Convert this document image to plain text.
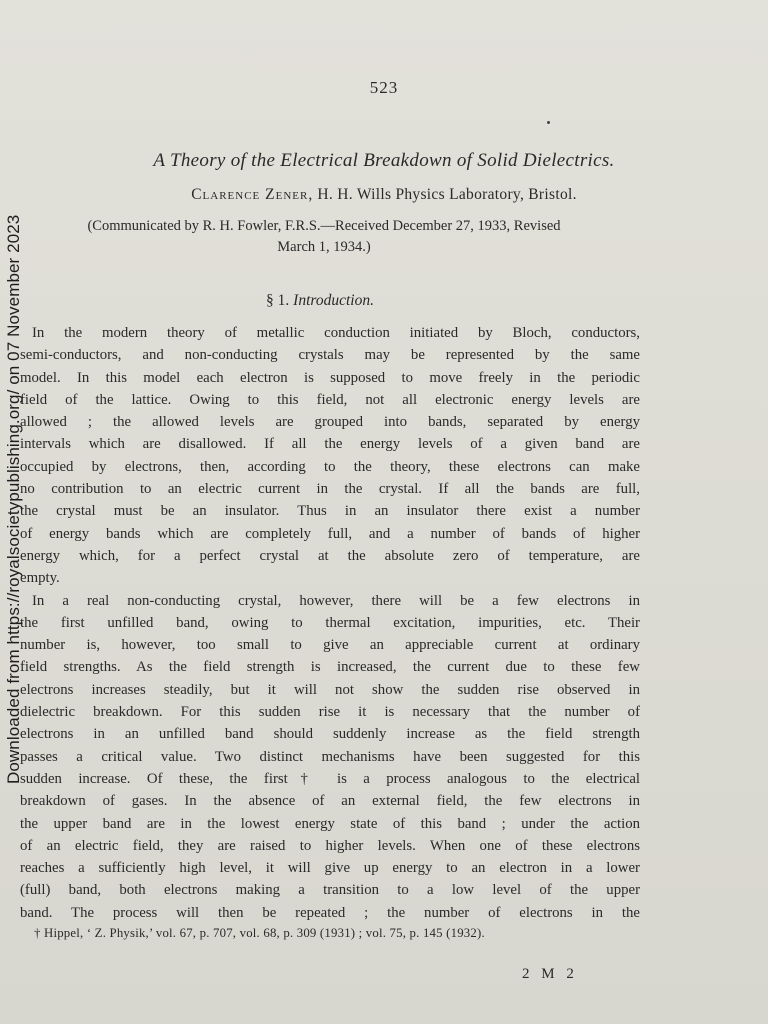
523
A Theory of the Electrical Breakdown of Solid Dielectrics.
Clarence Zener, H. H. Wills Physics Laboratory, Bristol.
(Communicated by R. H. Fowler, F.R.S.—Received December 27, 1933, Revised
March 1, 1934.)
§ 1. Introduction.
In the modern theory of metallic conduction initiated by Bloch, conductors,
semi-conductors, and non-conducting crystals may be represented by the same
model. In this model each electron is supposed to move freely in the periodic
field of the lattice. Owing to this field, not all electronic energy levels are
allowed ; the allowed levels are grouped into bands, separated by energy
intervals which are disallowed. If all the energy levels of a given band are
occupied by electrons, then, according to the theory, these electrons can make
no contribution to an electric current in the crystal. If all the bands are full,
the crystal must be an insulator. Thus in an insulator there exist a number
of energy bands which are completely full, and a number of bands of higher
energy which, for a perfect crystal at the absolute zero of temperature, are
empty.
In a real non-conducting crystal, however, there will be a few electrons in
the first unfilled band, owing to thermal excitation, impurities, etc. Their
number is, however, too small to give an appreciable current at ordinary
field strengths. As the field strength is increased, the current due to these few
electrons increases steadily, but it will not show the sudden rise observed in
dielectric breakdown. For this sudden rise it is necessary that the number of
electrons in an unfilled band should suddenly increase as the field strength
passes a critical value. Two distinct mechanisms have been suggested for this
sudden increase. Of these, the first† is a process analogous to the electrical
breakdown of gases. In the absence of an external field, the few electrons in
the upper band are in the lowest energy state of this band ; under the action
of an electric field, they are raised to higher levels. When one of these electrons
reaches a sufficiently high level, it will give up energy to an electron in a lower
(full) band, both electrons making a transition to a low level of the upper
band. The process will then be repeated ; the number of electrons in the
† Hippel, ‘ Z. Physik,’ vol. 67, p. 707, vol. 68, p. 309 (1931) ; vol. 75, p. 145 (1932).
2 M 2
Downloaded from https://royalsocietypublishing.org/ on 07 November 2023
